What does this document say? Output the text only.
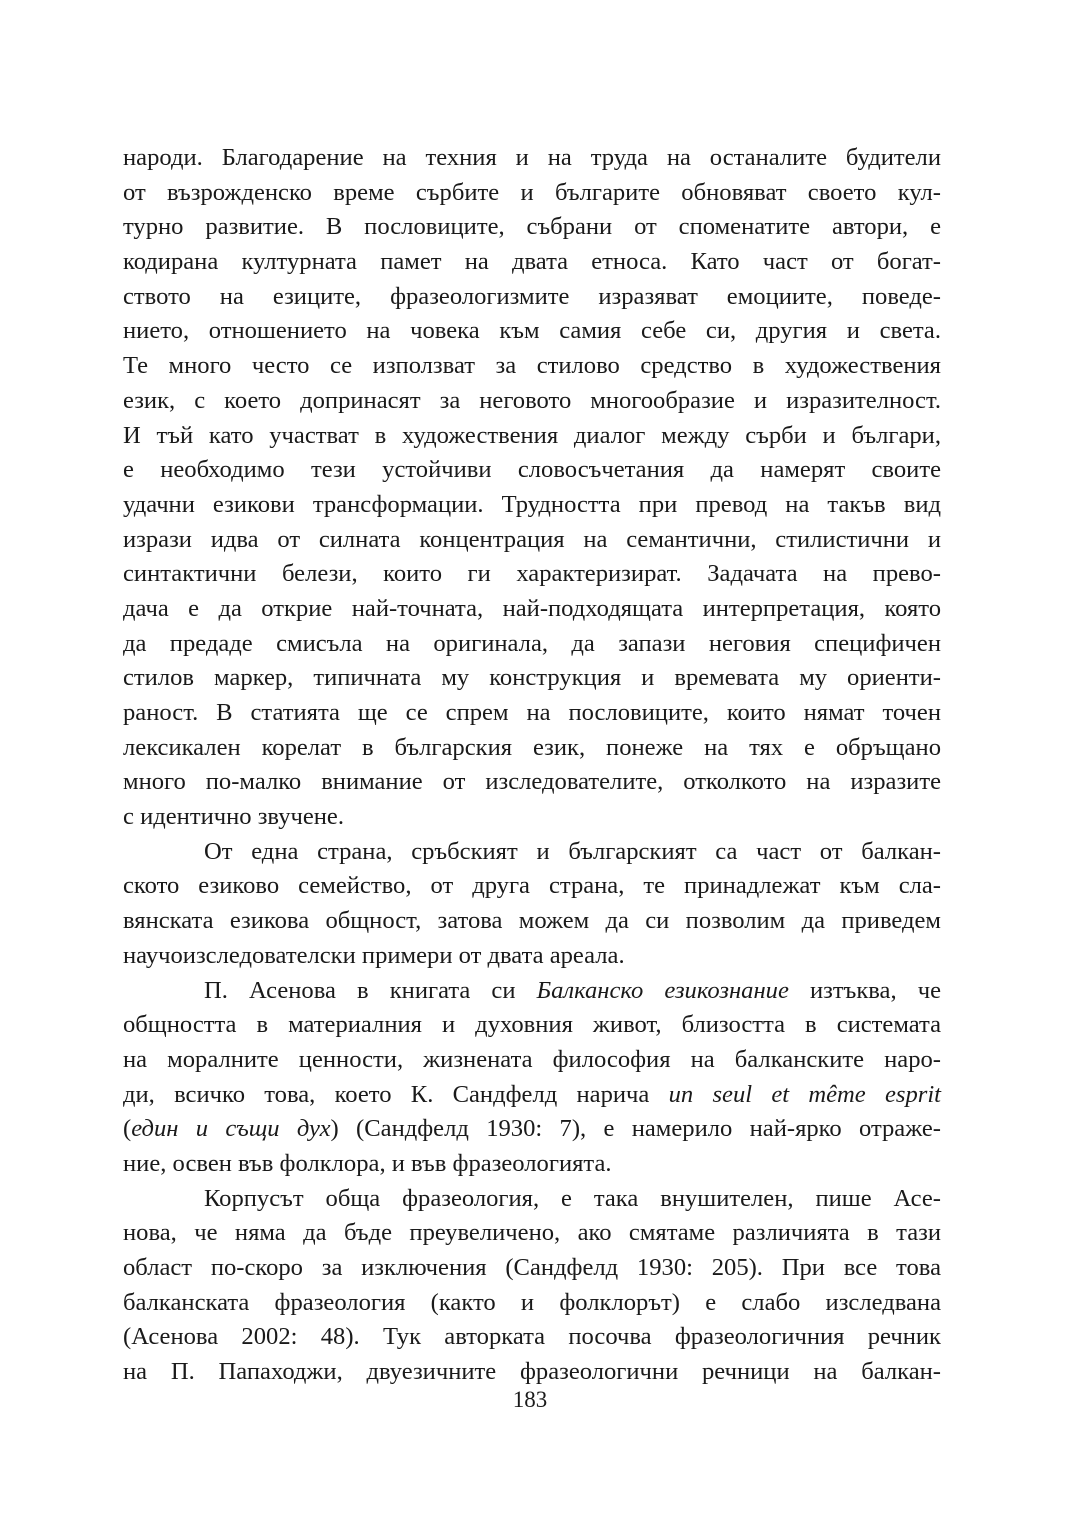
народи. Благодарение на техния и на труда на останалите будители
от възрожденско време сърбите и българите обновяват своето кул-
турно развитие. В пословиците, събрани от споменатите автори, е
кодирана културната памет на двата етноса. Като част от богат-
ството на езиците, фразеологизмите изразяват емоциите, поведе-
нието, отношението на човека към самия себе си, другия и света.
Те много често се използват за стилово средство в художествения
език, с което допринасят за неговото многообразие и изразителност.
И тъй като участват в художествения диалог между сърби и българи,
е необходимо тези устойчиви словосъчетания да намерят своите
удачни езикови трансформации. Трудността при превод на такъв вид
изрази идва от силната концентрация на семантични, стилистични и
синтактични белези, които ги характеризират. Задачата на прево-
дача е да открие най-точната, най-подходящата интерпретация, която
да предаде смисъла на оригинала, да запази неговия специфичен
стилов маркер, типичната му конструкция и времевата му ориенти-
раност. В статията ще се спрем на пословиците, които нямат точен
лексикален корелат в българския език, понеже на тях е обръщано
много по-малко внимание от изследователите, отколкото на изразите
с идентично звучене.
От една страна, сръбският и българският са част от балкан-
ското езиково семейство, от друга страна, те принадлежат към сла-
вянската езикова общност, затова можем да си позволим да приведем
научоизследователски примери от двата ареала.
П. Асенова в книгата си Балканско езикознание изтъква, че
общността в материалния и духовния живот, близостта в системата
на моралните ценности, жизнената философия на балканските наро-
ди, всичко това, което К. Сандфелд нарича un seul et même esprit
(един и същи дух) (Сандфелд 1930: 7), е намерило най-ярко отраже-
ние, освен във фолклора, и във фразеологията.
Корпусът обща фразеология, е така внушителен, пише Асе-
нова, че няма да бъде преувеличено, ако смятаме различията в тази
област по-скоро за изключения (Сандфелд 1930: 205). При все това
балканската фразеология (както и фолклорът) е слабо изследвана
(Асенова 2002: 48). Тук авторката посочва фразеологичния речник
на П. Папаходжи, двуезичните фразеологични речници на балкан-
183
